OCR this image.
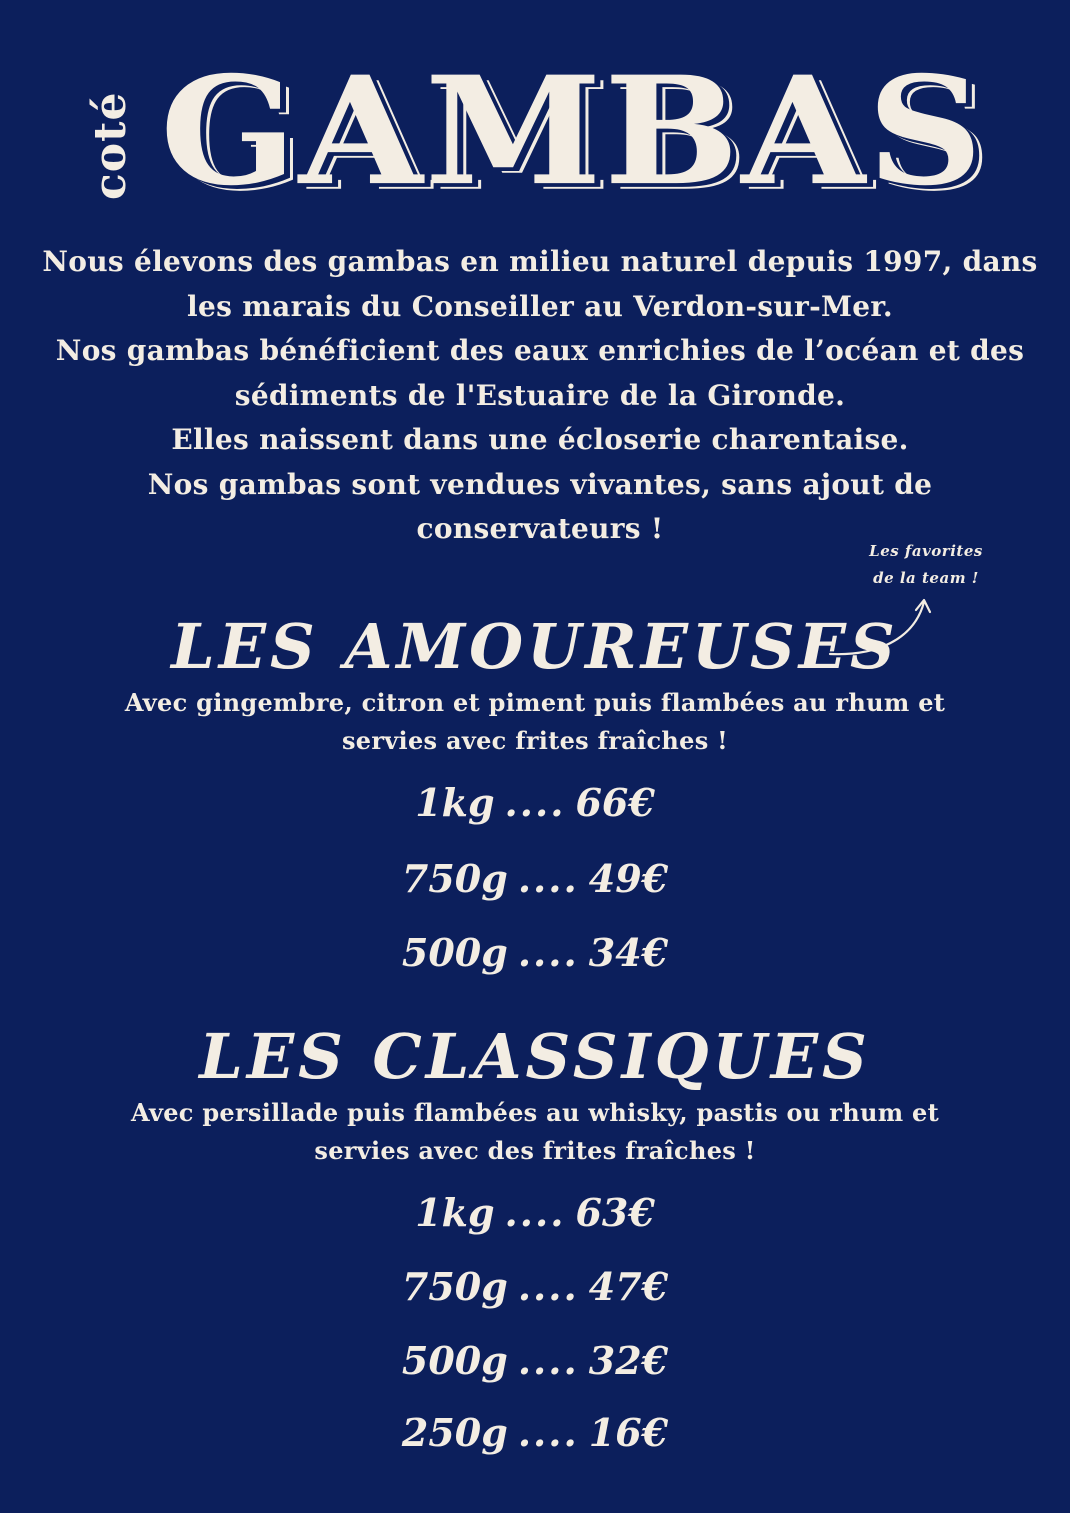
coté GAMBAS

Nous élevons des gambas en milieu naturel depuis 1997, dans

les marais du Conseiller au Verdon-sur-Mer.

Nos gambas bénéficient des eaux enrichies de l’océan et des

sédiments de l'Estuaire de la Gironde.

Elles naissent dans une écloserie charentaise.

Nos gambas sont vendues vivantes, sans ajout de

conservateurs !

Les favorites
de la team !
LES AMOUREUSES
Avec gingembre, citron et piment puis flambées au rhum et
servies avec frites fraîches !
1kg .... 66€
750g .... 49€
500g .... 34€
LES CLASSIQUES
Avec persillade puis flambées au whisky, pastis ou rhum et
servies avec des frites fraîches !
1kg .... 63€
750g .... 47€
500g .... 32€
250g .... 16€
